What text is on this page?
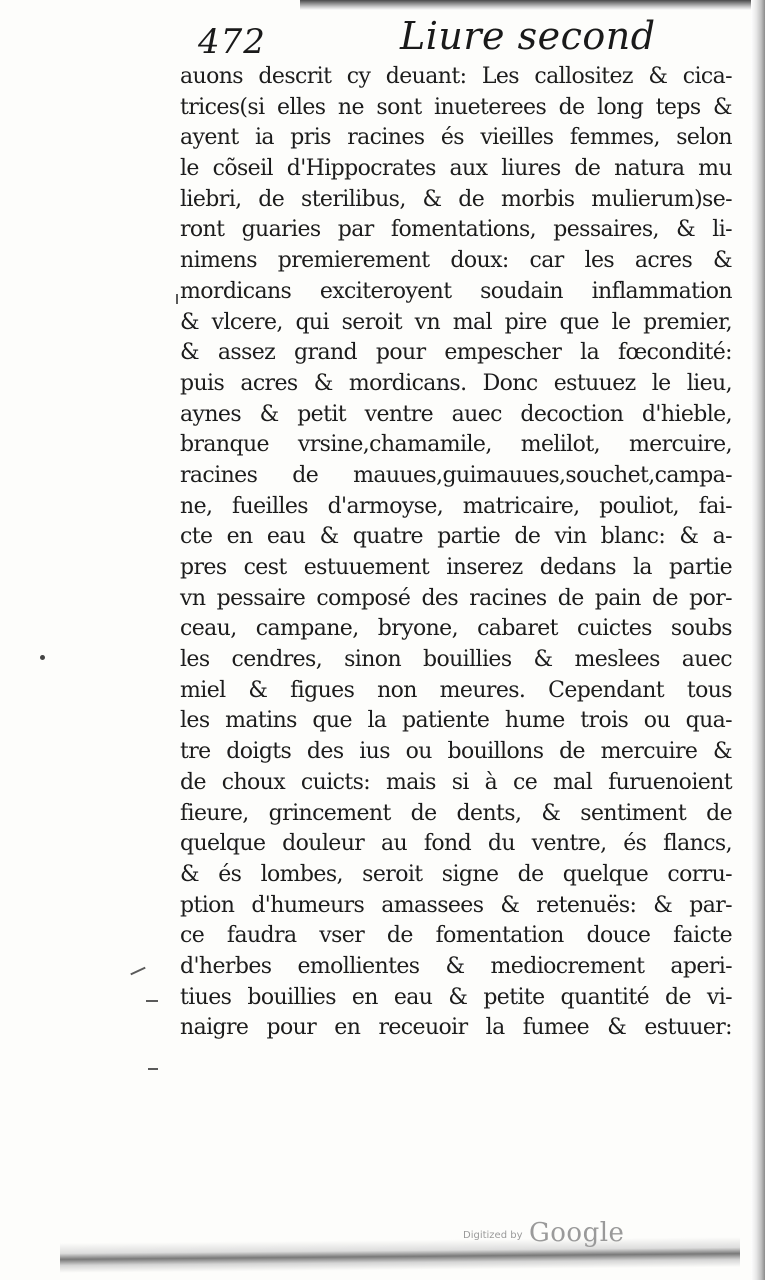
472	Liure second
auons descrit cy deuant: Les callositez & cica-
trices(si elles ne sont inueterees de long teps &
ayent ia pris racines és vieilles femmes, selon
le cõseil d'Hippocrates aux liures de natura mu
liebri, de sterilibus, & de morbis mulierum)se-
ront guaries par fomentations, pessaires, & li-
nimens premierement doux: car les acres &
mordicans exciteroyent soudain inflammation
& vlcere, qui seroit vn mal pire que le premier,
& assez grand pour empescher la fœcondité:
puis acres & mordicans. Donc estuuez le lieu,
aynes & petit ventre auec decoction d'hieble,
branque vrsine,chamamile, melilot, mercuire,
racines de mauues,guimauues,souchet,campa-
ne, fueilles d'armoyse, matricaire, pouliot, fai-
cte en eau & quatre partie de vin blanc: & a-
pres cest estuuement inserez dedans la partie
vn pessaire composé des racines de pain de por-
ceau, campane, bryone, cabaret cuictes soubs
les cendres, sinon bouillies & meslees auec
miel & figues non meures. Cependant tous
les matins que la patiente hume trois ou qua-
tre doigts des ius ou bouillons de mercuire &
de choux cuicts: mais si à ce mal furuenoient
fieure, grincement de dents, & sentiment de
quelque douleur au fond du ventre, és flancs,
& és lombes, seroit signe de quelque corru-
ption d'humeurs amassees & retenuës: & par-
ce faudra vser de fomentation douce faicte
d'herbes emollientes & mediocrement aperi-
tiues bouillies en eau & petite quantité de vi-
naigre pour en receuoir la fumee & estuuer:
Digitized by Google
